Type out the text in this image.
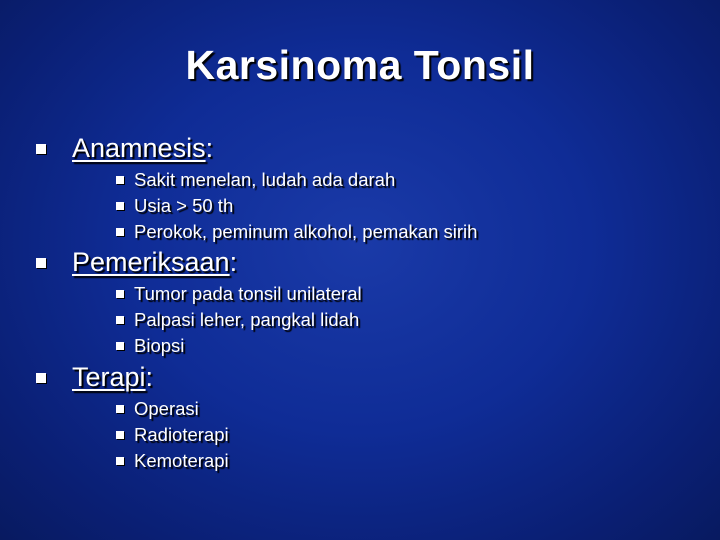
Karsinoma Tonsil
Anamnesis:
Sakit menelan, ludah ada darah
Usia > 50 th
Perokok, peminum alkohol, pemakan sirih
Pemeriksaan:
Tumor pada tonsil unilateral
Palpasi leher, pangkal lidah
Biopsi
Terapi:
Operasi
Radioterapi
Kemoterapi
